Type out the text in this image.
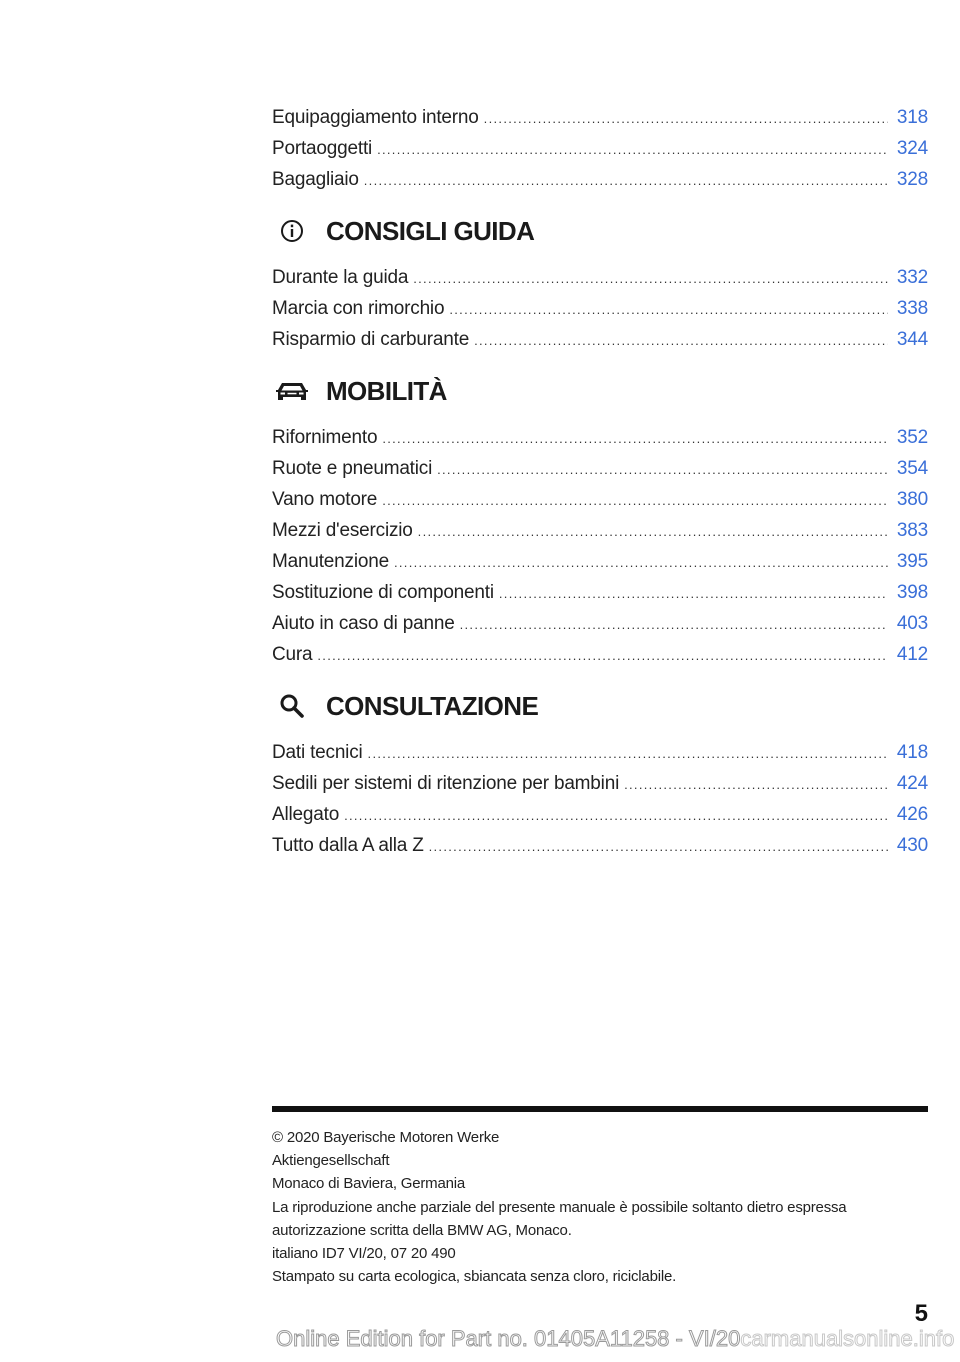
Equipaggiamento interno .....	318
Portaoggetti .....	324
Bagagliaio .....	328
CONSIGLI GUIDA
Durante la guida .....	332
Marcia con rimorchio .....	338
Risparmio di carburante .....	344
MOBILITÀ
Rifornimento .....	352
Ruote e pneumatici .....	354
Vano motore .....	380
Mezzi d'esercizio .....	383
Manutenzione .....	395
Sostituzione di componenti .....	398
Aiuto in caso di panne .....	403
Cura .....	412
CONSULTAZIONE
Dati tecnici .....	418
Sedili per sistemi di ritenzione per bambini .....	424
Allegato .....	426
Tutto dalla A alla Z .....	430
© 2020 Bayerische Motoren Werke
Aktiengesellschaft
Monaco di Baviera, Germania
La riproduzione anche parziale del presente manuale è possibile soltanto dietro espressa
autorizzazione scritta della BMW AG, Monaco.
italiano ID7 VI/20, 07 20 490
Stampato su carta ecologica, sbiancata senza cloro, riciclabile.
5
Online Edition for Part no. 01405A11258 - VI/20carmanualsonline.info
